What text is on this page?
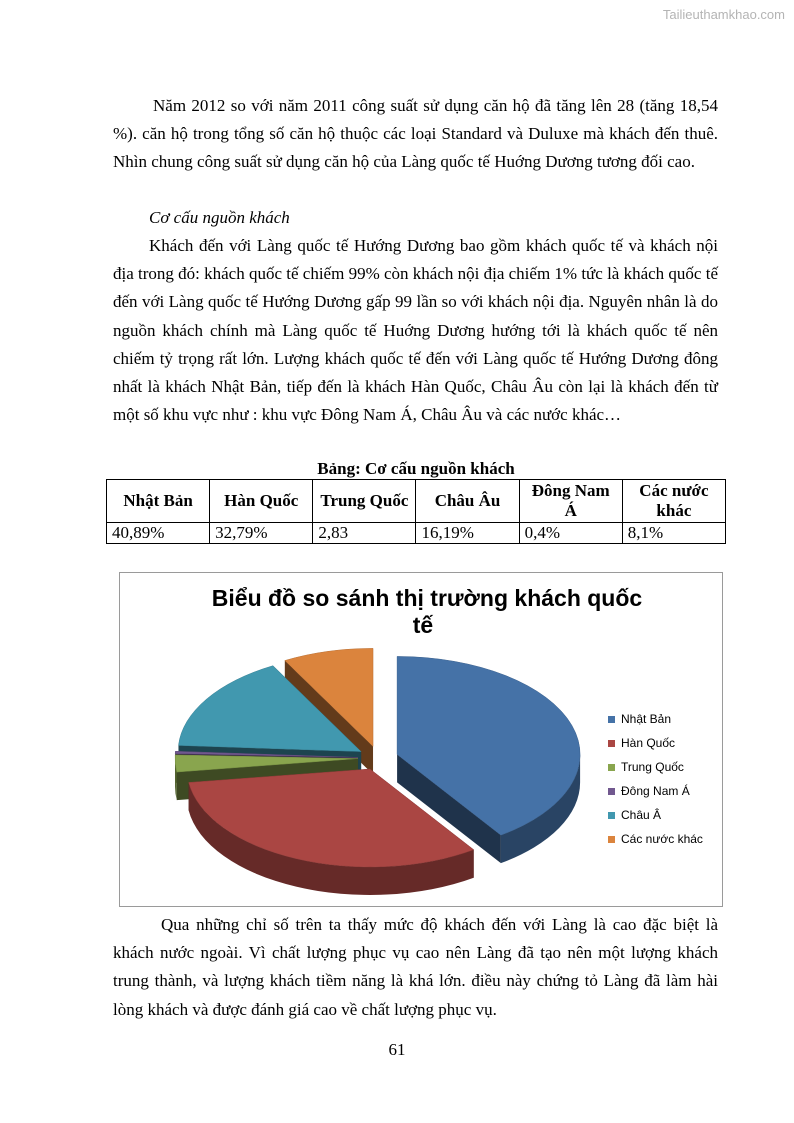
Tailieuthamkhao.com

Năm 2012 so với năm 2011 công suất sử dụng căn hộ đã tăng lên 28 (tăng 18,54 %). căn hộ trong tổng số căn hộ thuộc các loại Standard và Duluxe mà khách đến thuê. Nhìn chung công suất sử dụng căn hộ của Làng quốc tế Huớng Dương tương đối cao.

Cơ cấu nguồn khách

Khách đến với Làng quốc tế Hướng Dương bao gồm khách quốc tế và khách nội địa trong đó: khách quốc tế chiếm 99% còn khách nội địa chiếm 1% tức là khách quốc tế đến với Làng quốc tế Hướng Dương gấp 99 lần so với khách nội địa. Nguyên nhân là do nguồn khách chính mà Làng quốc tế Huớng Dương hướng tới là khách quốc tế nên chiếm tỷ trọng rất lớn. Lượng khách quốc tế đến với Làng quốc tế Hướng Dương đông nhất là khách Nhật Bản, tiếp đến là khách Hàn Quốc, Châu Âu còn lại là khách đến từ một số khu vực như : khu vực Đông Nam Á, Châu Âu và các nước khác…

Bảng: Cơ cấu nguồn khách
Nhật Bản	Hàn Quốc	Trung Quốc	Châu Âu	Đông Nam Á	Các nước khác
40,89%	32,79%	2,83	16,19%	0,4%	8,1%
Biểu đồ so sánh thị trường khách quốc
tế
Nhật Bản
Hàn Quốc
Trung Quốc
Đông Nam Á
Châu Â
Các nước khác

Qua những chỉ số trên ta thấy mức độ khách đến với Làng là cao đặc biệt là khách nước ngoài. Vì chất lượng phục vụ cao nên Làng đã tạo nên một lượng khách trung thành, và lượng khách tiềm năng là khá lớn. điều này chứng tỏ Làng đã làm hài lòng khách và được đánh giá cao về chất lượng phục vụ.

61
